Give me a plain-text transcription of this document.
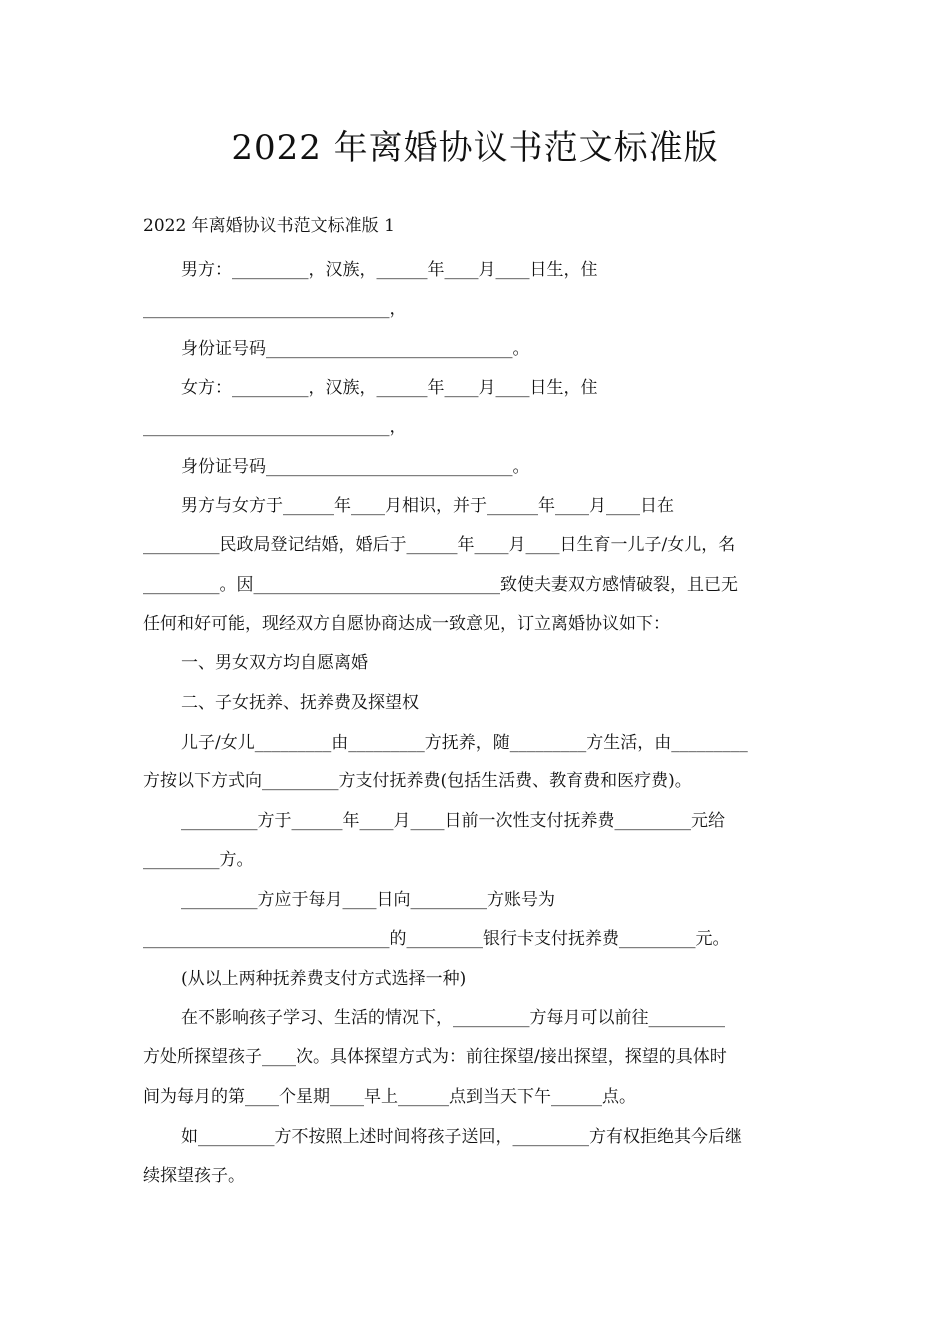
2022 年离婚协议书范文标准版
2022 年离婚协议书范文标准版 1
男方：_________，汉族，______年____月____日生，住
_____________________________，
身份证号码_____________________________。
女方：_________，汉族，______年____月____日生，住
_____________________________，
身份证号码_____________________________。
男方与女方于______年____月相识，并于______年____月____日在
_________民政局登记结婚，婚后于______年____月____日生育一儿子/女儿，名
_________。因_____________________________致使夫妻双方感情破裂，且已无
任何和好可能，现经双方自愿协商达成一致意见，订立离婚协议如下：
一、男女双方均自愿离婚
二、子女抚养、抚养费及探望权
儿子/女儿_________由_________方抚养，随_________方生活，由_________
方按以下方式向_________方支付抚养费(包括生活费、教育费和医疗费)。
_________方于______年____月____日前一次性支付抚养费_________元给
_________方。
_________方应于每月____日向_________方账号为
_____________________________的_________银行卡支付抚养费_________元。
(从以上两种抚养费支付方式选择一种)
在不影响孩子学习、生活的情况下，_________方每月可以前往_________
方处所探望孩子____次。具体探望方式为：前往探望/接出探望，探望的具体时
间为每月的第____个星期____早上______点到当天下午______点。
如_________方不按照上述时间将孩子送回，_________方有权拒绝其今后继
续探望孩子。
